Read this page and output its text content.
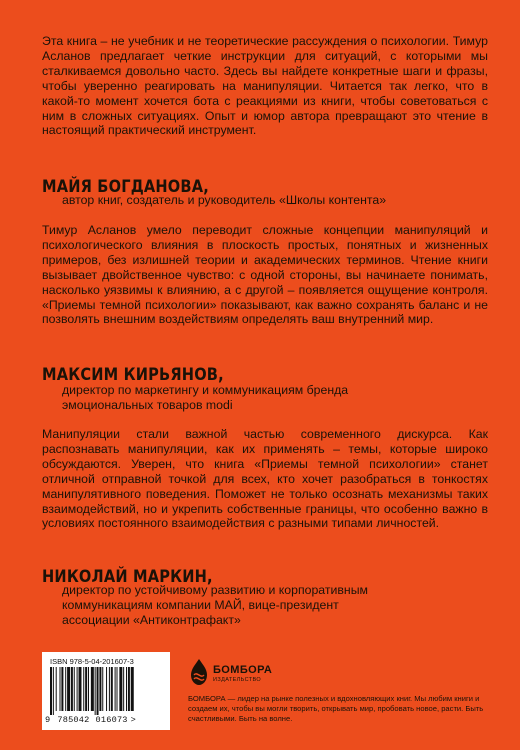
Эта книга – не учебник и не теоретические рассуждения о психологии. Тимур Асланов предлагает четкие инструкции для ситуаций, с которыми мы сталкиваемся довольно часто. Здесь вы найдете конкретные шаги и фразы, чтобы уверенно реагировать на манипуляции. Читается так легко, что в какой-то момент хочется бота с реакциями из книги, чтобы советоваться с ним в сложных ситуациях. Опыт и юмор автора превращают это чтение в настоящий практический инструмент.

МАЙЯ БОГДАНОВА,

автор книг, создатель и руководитель «Школы контента»

Тимур Асланов умело переводит сложные концепции манипуляций и психологического влияния в плоскость простых, понятных и жизненных примеров, без излишней теории и академических терминов. Чтение книги вызывает двойственное чувство: с одной стороны, вы начинаете понимать, насколько уязвимы к влиянию, а с другой – появляется ощущение контроля. «Приемы темной психологии» показывают, как важно сохранять баланс и не позволять внешним воздействиям определять ваш внутренний мир.

МАКСИМ КИРЬЯНОВ,

директор по маркетингу и коммуникациям бренда эмоциональных товаров modi

Манипуляции стали важной частью современного дискурса. Как распознавать манипуляции, как их применять – темы, которые широко обсуждаются. Уверен, что книга «Приемы темной психологии» станет отличной отправной точкой для всех, кто хочет разобраться в тонкостях манипулятивного поведения. Поможет не только осознать механизмы таких взаимодействий, но и укрепить собственные границы, что особенно важно в условиях постоянного взаимодействия с разными типами личностей.

НИКОЛАЙ МАРКИН,

директор по устойчивому развитию и корпоративным коммуникациям компании МАЙ, вице-президент ассоциации «Антиконтрафакт»

ISBN 978-5-04-201607-3
9 785042 016073 >
БОМБОРА
ИЗДАТЕЛЬСТВО

БОМБОРА — лидер на рынке полезных и вдохновляющих книг. Мы любим книги и создаем их, чтобы вы могли творить, открывать мир, пробовать новое, расти. Быть счастливыми. Быть на волне.
